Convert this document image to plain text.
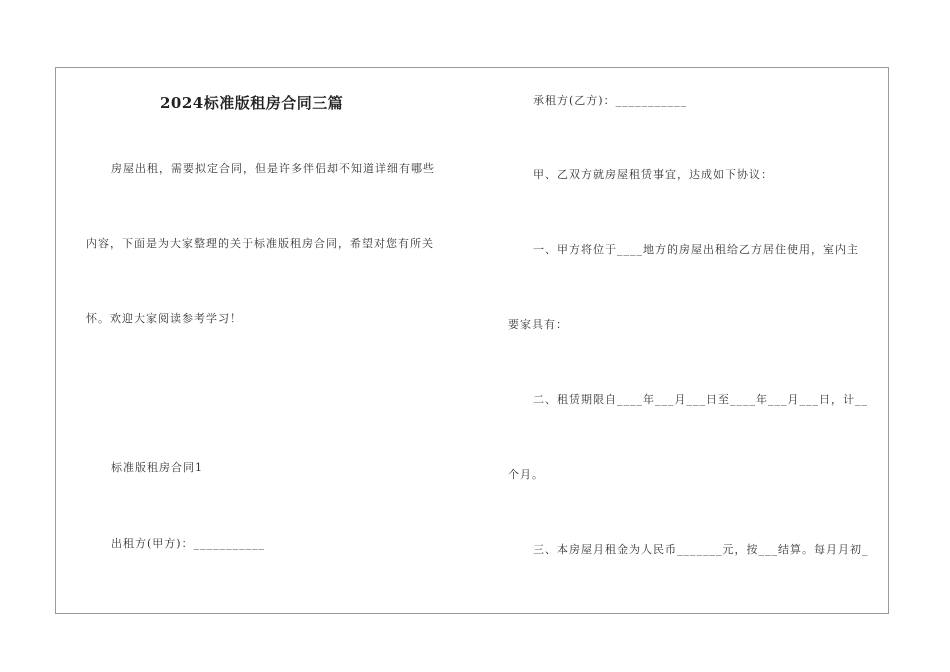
2024标准版租房合同三篇
房屋出租，需要拟定合同，但是许多伴侣却不知道详细有哪些
内容，下面是为大家整理的关于标准版租房合同，希望对您有所关
怀。欢迎大家阅读参考学习！
标准版租房合同1
出租方(甲方)：___________
承租方(乙方)：___________
甲、乙双方就房屋租赁事宜，达成如下协议：
一、甲方将位于____地方的房屋出租给乙方居住使用，室内主
要家具有：
二、租赁期限自____年___月___日至____年___月___日，计__
个月。
三、本房屋月租金为人民币_______元，按___结算。每月月初_
